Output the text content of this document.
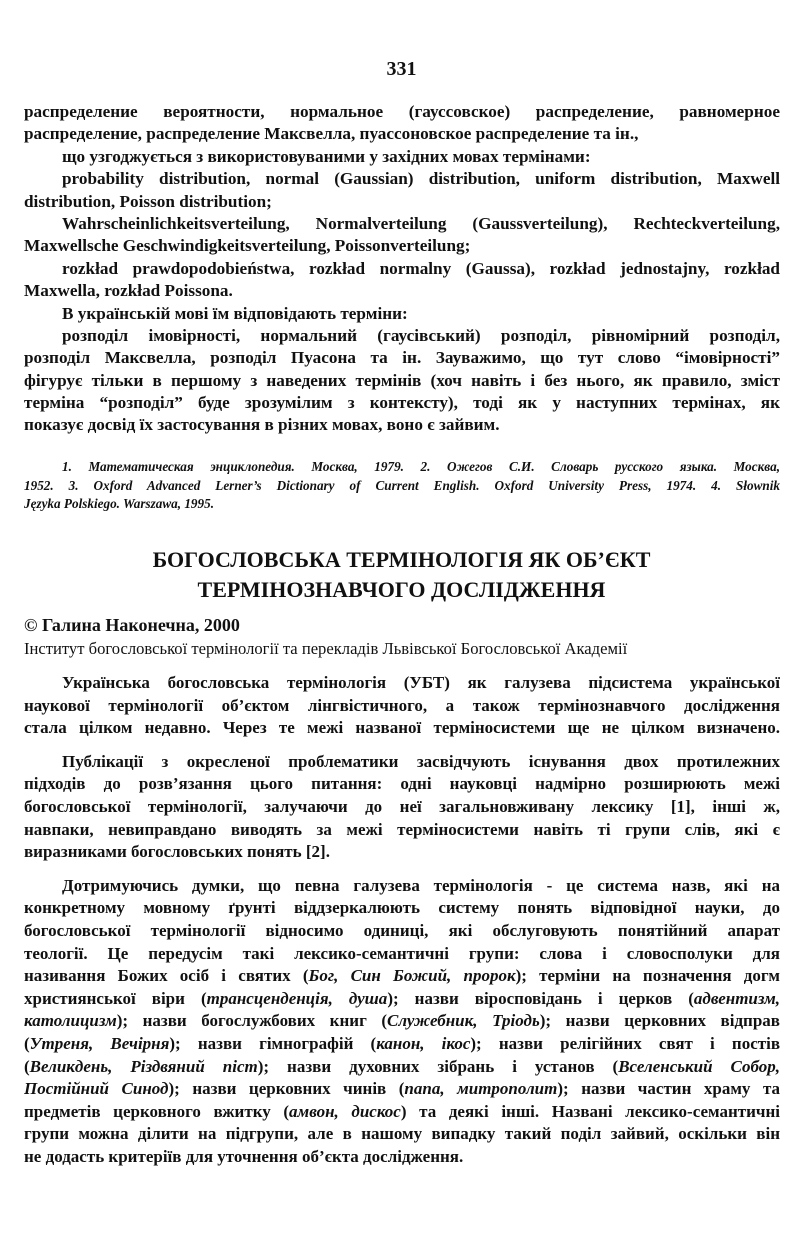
331
распределение вероятности, нормальное (гауссовское) распределение, равномерное
распределение, распределение Максвелла, пуассоновское распределение та ін.,
що узгоджується з використовуваними у західних мовах термінами:
probability distribution, normal (Gaussian) distribution, uniform distribution, Maxwell
distribution, Poisson distribution;
Wahrscheinlichkeitsverteilung, Normalverteilung (Gaussverteilung), Rechteckverteilung,
Maxwellsche Geschwindigkeitsverteilung, Poissonverteilung;
rozkład prawdopodobieństwa, rozkład normalny (Gaussa), rozkład jednostajny, rozkład
Maxwella, rozkład Poissona.
В українській мові їм відповідають терміни:
розподіл імовірності, нормальний (гаусівський) розподіл, рівномірний розподіл,
розподіл Максвелла, розподіл Пуасона та ін. Зауважимо, що тут слово “імовірності”
фігурує тільки в першому з наведених термінів (хоч навіть і без нього, як правило, зміст
терміна “розподіл” буде зрозумілим з контексту), тоді як у наступних термінах, як
показує досвід їх застосування в різних мовах, воно є зайвим.
1. Математическая энциклопедия. Москва, 1979. 2. Ожегов С.И. Словарь русского языка. Москва,
1952. 3. Oxford Advanced Lerner’s Dictionary of Current English. Oxford University Press, 1974. 4. Słownik
Języka Polskiego. Warszawa, 1995.
БОГОСЛОВСЬКА ТЕРМІНОЛОГІЯ ЯК ОБ’ЄКТ
ТЕРМІНОЗНАВЧОГО ДОСЛІДЖЕННЯ
© Галина Наконечна, 2000
Інститут богословської термінології та перекладів Львівської Богословської Академії
Українська богословська термінологія (УБТ) як галузева підсистема української
наукової термінології об’єктом лінгвістичного, а також термінознавчого дослідження
стала цілком недавно. Через те межі названої терміносистеми ще не цілком визначено.
Публікації з окресленої проблематики засвідчують існування двох протилежних
підходів до розв’язання цього питання: одні науковці надмірно розширюють межі
богословської термінології, залучаючи до неї загальновживану лексику [1], інші ж,
навпаки, невиправдано виводять за межі терміносистеми навіть ті групи слів, які є
виразниками богословських понять [2].
Дотримуючись думки, що певна галузева термінологія - це система назв, які на
конкретному мовному ґрунті віддзеркалюють систему понять відповідної науки, до
богословської термінології відносимо одиниці, які обслуговують понятійний апарат
теології. Це передусім такі лексико-семантичні групи: слова і словосполуки для
називання Божих осіб і святих (Бог, Син Божий, пророк); терміни на позначення догм
християнської віри (трансценденція, душа); назви віросповідань і церков (адвентизм,
католицизм); назви богослужбових книг (Служебник, Тріодь); назви церковних відправ
(Утреня, Вечірня); назви гімнографій (канон, ікос); назви релігійних свят і постів
(Великдень, Різдвяний піст); назви духовних зібрань і установ (Вселенський Собор,
Постійний Синод); назви церковних чинів (папа, митрополит); назви частин храму та
предметів церковного вжитку (амвон, дискос) та деякі інші. Названі лексико-семантичні
групи можна ділити на підгрупи, але в нашому випадку такий поділ зайвий, оскільки він
не додасть критеріїв для уточнення об’єкта дослідження.
